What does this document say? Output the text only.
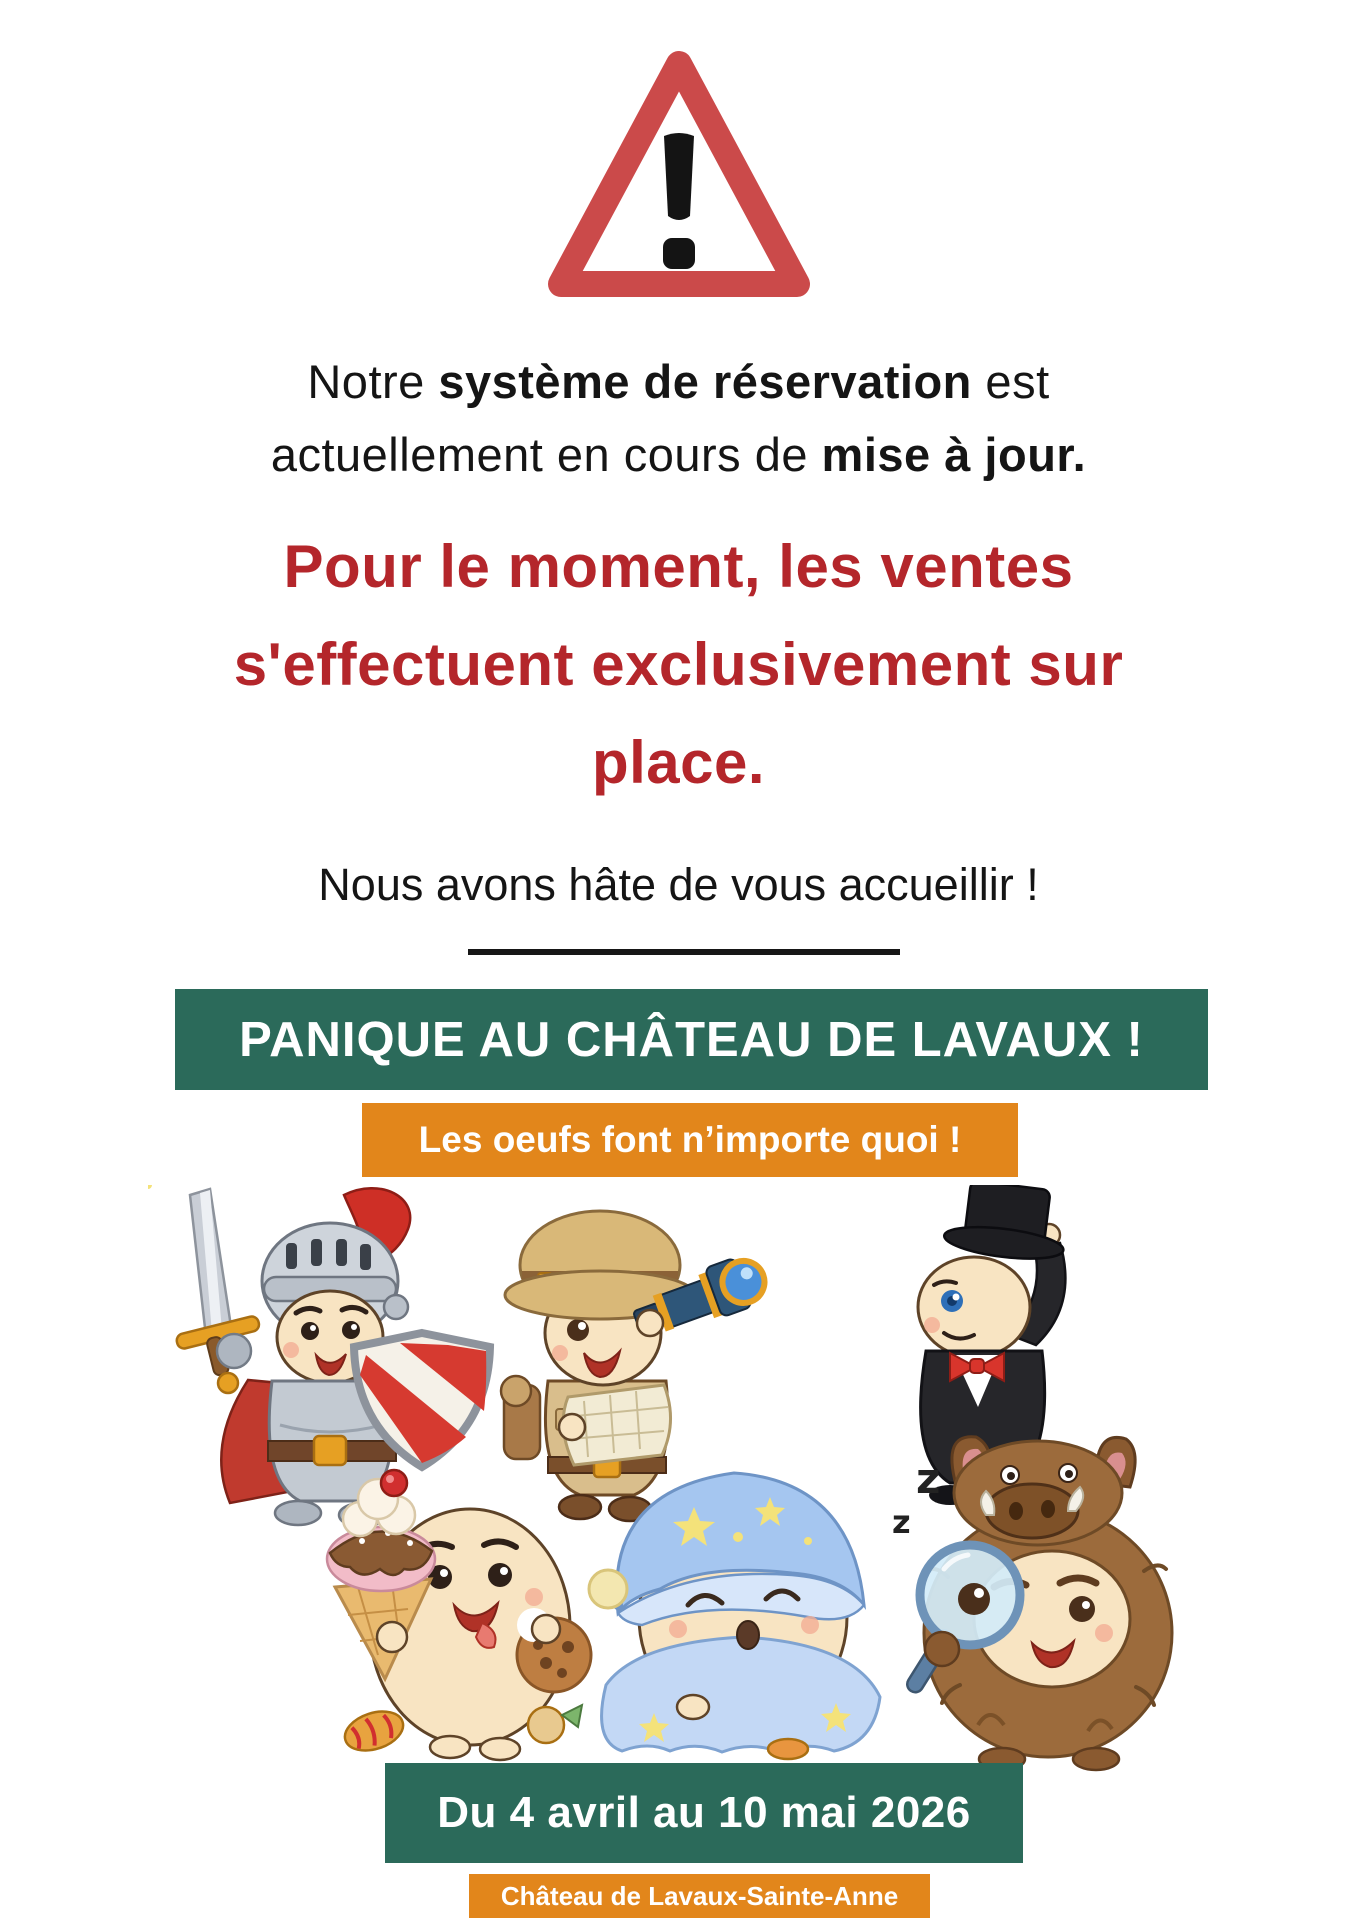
Notre système de réservation est
actuellement en cours de mise à jour.
Pour le moment, les ventes
s'effectuent exclusivement sur
place.
Nous avons hâte de vous accueillir !
PANIQUE AU CHÂTEAU DE LAVAUX !
Les oeufs font n’importe quoi !
z
z
Du 4 avril au 10 mai 2026
Château de Lavaux-Sainte-Anne
